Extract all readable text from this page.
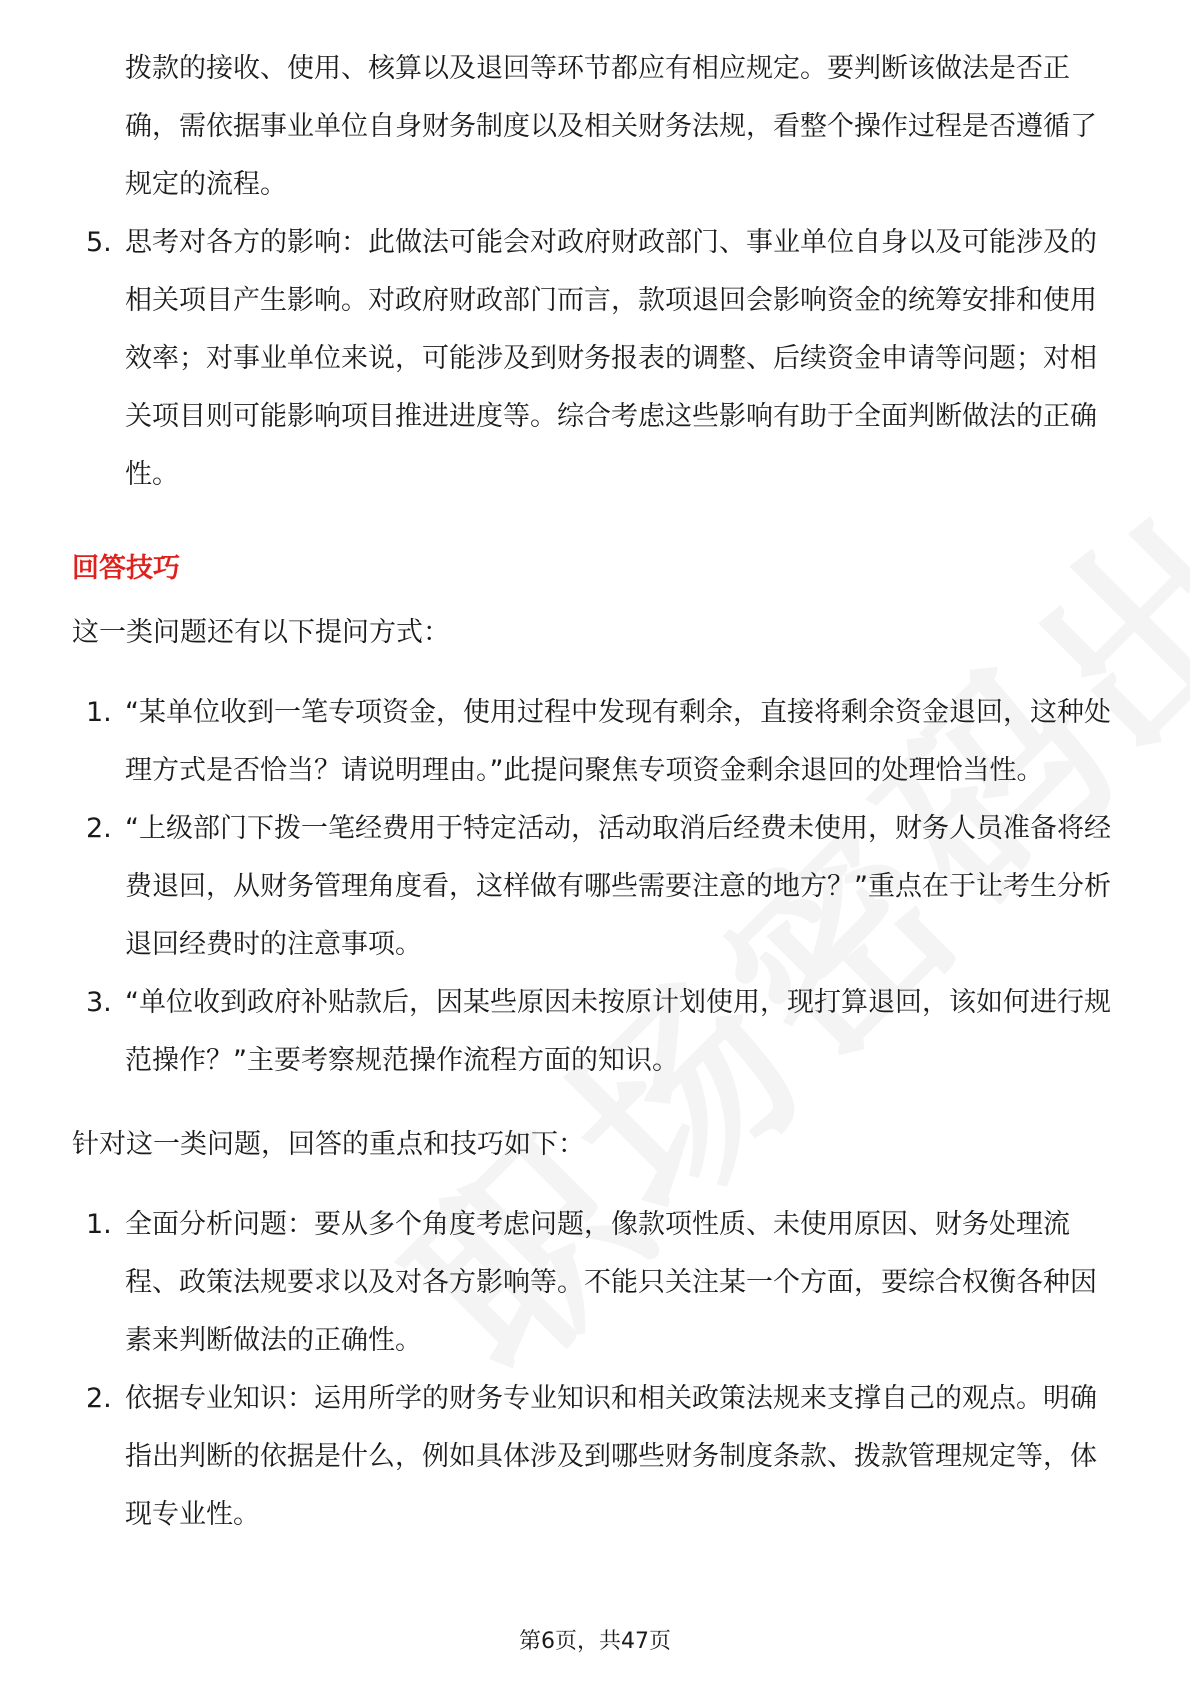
拨款的接收、使用、核算以及退回等环节都应有相应规定。要判断该做法是否正确，需依据事业单位自身财务制度以及相关财务法规，看整个操作过程是否遵循了规定的流程。
5. 思考对各方的影响：此做法可能会对政府财政部门、事业单位自身以及可能涉及的相关项目产生影响。对政府财政部门而言，款项退回会影响资金的统筹安排和使用效率；对事业单位来说，可能涉及到财务报表的调整、后续资金申请等问题；对相关项目则可能影响项目推进进度等。综合考虑这些影响有助于全面判断做法的正确性。
回答技巧
这一类问题还有以下提问方式：
1. “某单位收到一笔专项资金，使用过程中发现有剩余，直接将剩余资金退回，这种处理方式是否恰当？请说明理由。”此提问聚焦专项资金剩余退回的处理恰当性。
2. “上级部门下拨一笔经费用于特定活动，活动取消后经费未使用，财务人员准备将经费退回，从财务管理角度看，这样做有哪些需要注意的地方？”重点在于让考生分析退回经费时的注意事项。
3. “单位收到政府补贴款后，因某些原因未按原计划使用，现打算退回，该如何进行规范操作？”主要考察规范操作流程方面的知识。
针对这一类问题，回答的重点和技巧如下：
1. 全面分析问题：要从多个角度考虑问题，像款项性质、未使用原因、财务处理流程、政策法规要求以及对各方影响等。不能只关注某一个方面，要综合权衡各种因素来判断做法的正确性。
2. 依据专业知识：运用所学的财务专业知识和相关政策法规来支撑自己的观点。明确指出判断的依据是什么，例如具体涉及到哪些财务制度条款、拨款管理规定等，体现专业性。
第6页，共47页
